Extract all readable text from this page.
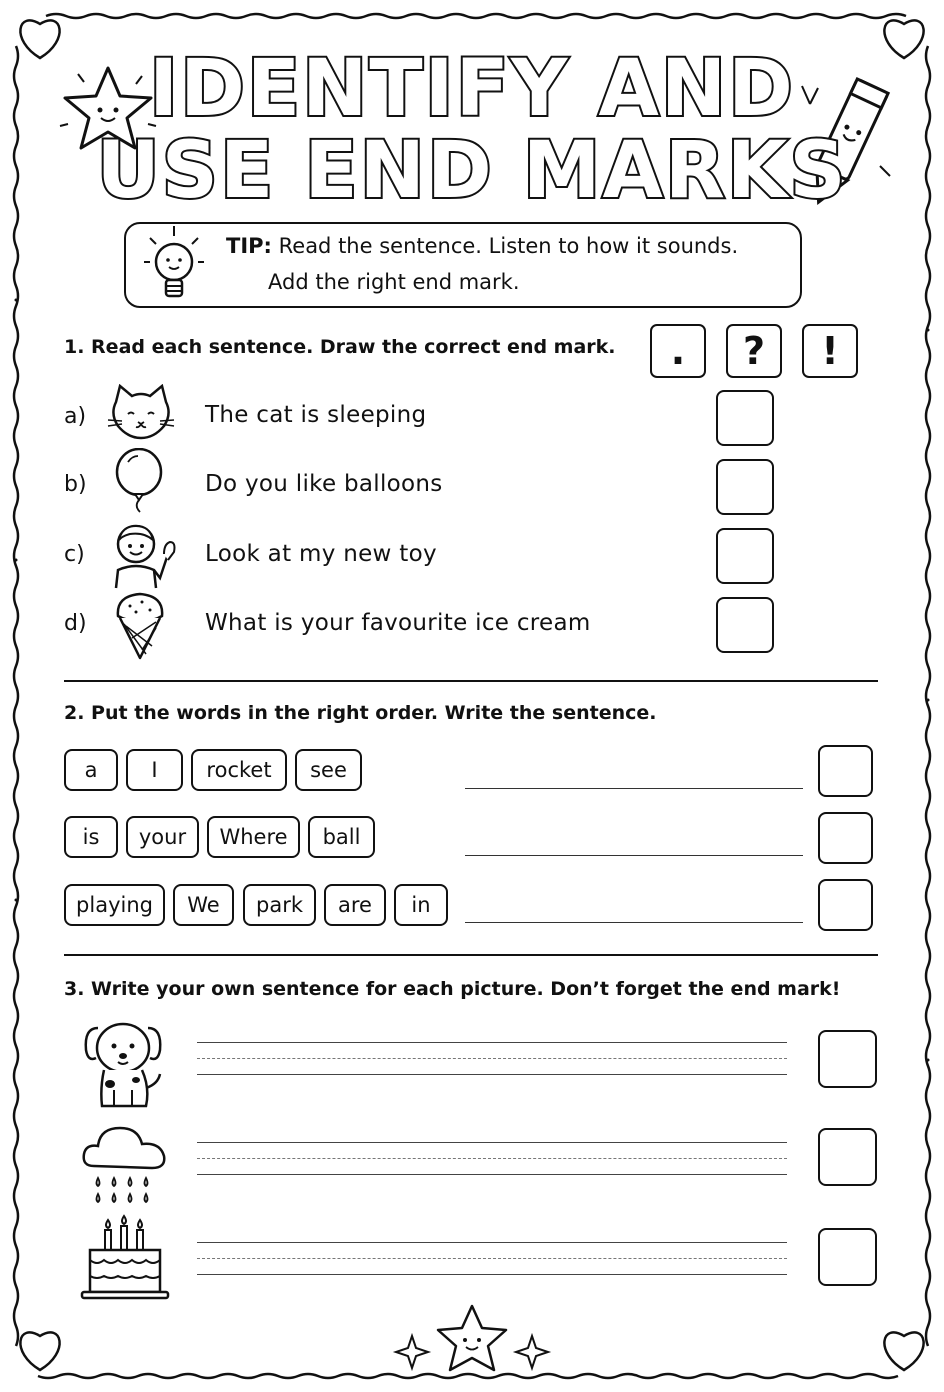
IDENTIFY AND
USE END MARKS
TIP: Read the sentence. Listen to how it sounds.
Add the right end mark.
1. Read each sentence. Draw the correct end mark.	.	?	!
a)	The cat is sleeping
b)	Do you like balloons
c)	Look at my new toy
d)	What is your favourite ice cream
2. Put the words in the right order. Write the sentence.
a	I	rocket	see
is	your	Where	ball
playing	We	park	are	in
3. Write your own sentence for each picture. Don’t forget the end mark!
